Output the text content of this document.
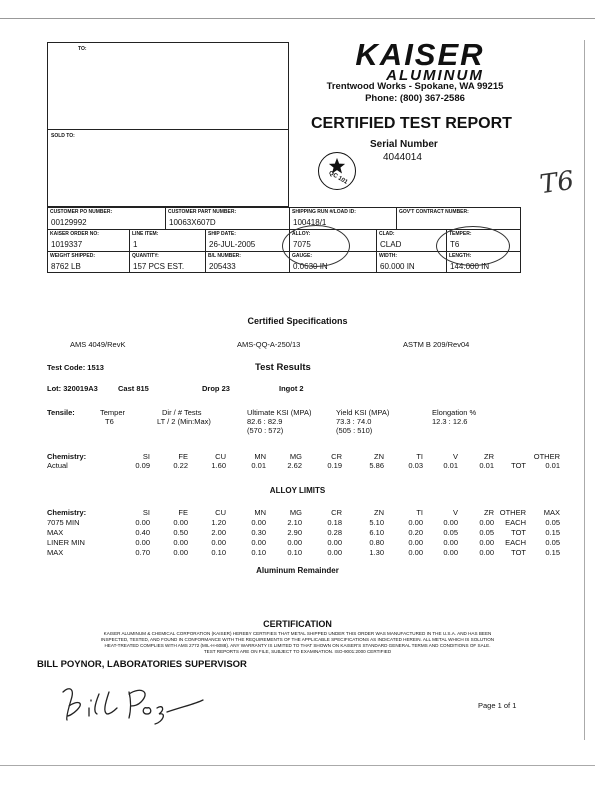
TO:
SOLD TO:
KAISER
ALUMINUM
Trentwood Works - Spokane, WA 99215
Phone: (800) 367-2586
CERTIFIED TEST REPORT
Serial Number
4044014
QC 101	T6
CUSTOMER PO NUMBER:
00129992
CUSTOMER PART NUMBER:
10063X607D
SHIPPING RUN #/LOAD ID:
100418/1
GOV'T CONTRACT NUMBER:
KAISER ORDER NO:
1019337
LINE ITEM:
1
SHIP DATE:
26-JUL-2005
ALLOY:
7075
CLAD:
CLAD
TEMPER:
T6
WEIGHT SHIPPED:
8762 LB
QUANTITY:
157 PCS EST.
B/L NUMBER:
205433
GAUGE:
0.0630 IN
WIDTH:
60.000 IN
LENGTH:
144.000 IN
Certified Specifications
AMS 4049/RevK	AMS-QQ-A-250/13	ASTM B 209/Rev04
Test Code: 1513	Test Results
Lot: 320019A3	Cast 815	Drop 23	Ingot 2
Tensile:	Temper
T6
Dir / # Tests
LT / 2 (Min:Max)
Ultimate KSI (MPA)
82.6 : 82.9
(570 : 572)
Yield KSI (MPA)
73.3 : 74.0
(505 : 510)
Elongation %
12.3 : 12.6
Chemistry:
Actual
SI	FE	CU	MN	MG	CR	ZN	TI	V	ZR	OTHER
0.09	0.22	1.60	0.01	2.62	0.19	5.86	0.03	0.01	0.01	TOT	0.01
ALLOY LIMITS
Chemistry:	SI	FE	CU	MN	MG	CR	ZN	TI	V	ZR OTHER	MAX
7075 MIN	0.00	0.00	1.20	0.00	2.10	0.18	5.10	0.00	0.00	0.00	EACH	0.05
MAX	0.40	0.50	2.00	0.30	2.90	0.28	6.10	0.20	0.05	0.05	TOT	0.15
LINER MIN	0.00	0.00	0.00	0.00	0.00	0.00	0.80	0.00	0.00	0.00	EACH	0.05
MAX	0.70	0.00	0.10	0.10	0.10	0.00	1.30	0.00	0.00	0.00	TOT	0.15
Aluminum Remainder
CERTIFICATION
KAISER ALUMINUM & CHEMICAL CORPORATION (KAISER) HEREBY CERTIFIES THAT METAL SHIPPED UNDER THIS ORDER WAS MANUFACTURED IN THE U.S.A. AND HAS BEEN
INSPECTED, TESTED, AND FOUND IN CONFORMANCE WITH THE REQUIREMENTS OF THE APPLICABLE SPECIFICATIONS AS INDICATED HEREIN. ALL METAL WHICH IS SOLUTION
HEAT-TREATED COMPLIES WITH AMS 2772 (MIL-H-6088). ANY WARRANTY IS LIMITED TO THAT SHOWN ON KAISER'S STANDARD GENERAL TERMS AND CONDITIONS OF SALE.
TEST REPORTS ARE ON FILE, SUBJECT TO EXAMINATION. ISO-9001:2000 CERTIFIED
BILL POYNOR, LABORATORIES SUPERVISOR
Page 1 of 1
